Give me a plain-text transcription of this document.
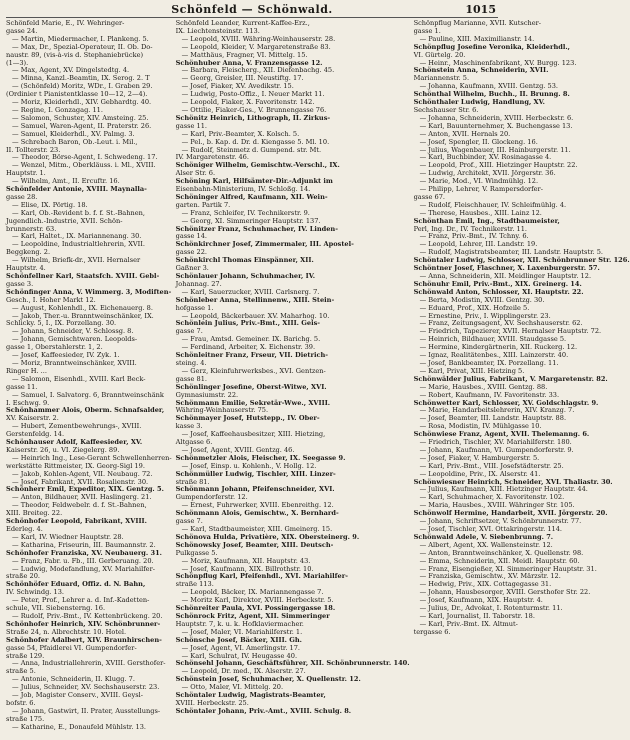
Schönfeld — Schönwald.	1015
Schönfeld Marie, E., IV. Wehringer-
gasse 24.
— Martin, Miedermacher, I. Plankeng. 5.
— Max, Dr., Spezial-Operateur, II. Ob. Do-
naustr. 89, (vis-à-vis d. Stephaniebrücke)
(1—3).
— Max, Agent, XV. Dingelstedtg. 4.
— Minna, Kanzl.-Beamtin, IX. Serog. 2. T
— (Schönfeld) Moritz, WDr., I. Graben 29.
(Ordinier t Pianistentklasse 10—12, 2—4).
— Moriz, Kleiderhdl., XIV. Gebhardtg. 40.
— Regine, I. Gonzagag. 11.
— Salomon, Schuster, XIV. Amsteing. 25.
— Samuel, Waren-Agent, II. Praterstr. 26.
— Samuel, Kleiderhdl., XV. Palmg. 3.
— Schrebach Baron, Ob.-Leut. i. Mil.,
II. Tollterstr. 23.
— Theodor, Börse-Agent, I. Schwedeng. 17.
— Wenzel, Mitm., Oberkläuss. i. Ml., XVIII.
Hauptstr. 1.
— Wilhelm, Amt., II. Ercuftr. 16.
Schönfelder Antonie, XVIII. Maynalla-
gasse 28.
— Elise, IX. Pörtig. 18.
— Karl, Ob.-Revident b. f. f. St.-Bahnen,
Jugendlich.-Industrie, XVII. Schön-
brunnerstr. 63.
— Karl, Haltet., IX. Mariannenang. 30.
— Leopoldine, Industrialtlehrerin, XVII.
Beggkeng. 2.
— Wilhelm, Briefk-dr., XVII. Hernalser
Hauptstr. 4.
Schönfellner Karl, Staatsfch. XVIII. Gebl-
gasse 3.
Schönfinger Anna, V. Wimmerg. 3, Modiften-
Gesch., I. Hoher Markt 12.
— August, Kohlenhdl., IX. Eichenauerg. 8.
— Jakob, Ther.-u. Branntweinschänker, IX.
Schlicky. 5, I., IX. Porzellang. 30.
— Johann, Schneider, V. Schlossg. 8.
— Johann, Gemischtwaren. Leopolds-
gasse 1, Oberstahlerstr. 1, 2.
— Josef, Kaffeesieder, IV. Zyk. 1.
— Moriz, Branntweinschänker, XVIII.
Ringer H. ...
— Salomon, Eisenhdl., XVIII. Karl Beck-
gasse 11.
— Samuel, I. Salvatorg. 6, Branntweinschänk
I. Eschwg. 9.
Schönhammer Alois, Oberm. Schnafsalder,
XV. Kaiserstr. 2.
— Hubert, Zementbewehrungs-, XVIII.
Gerstenfeldg. 14.
Schönhauser Adolf, Kaffeesieder, XV.
Kaiserstr. 26, u. VI. Ziegelerg. 89.
— Heinrich Ing., Lese-Gerant Schwellenherren-
werkstätte Rittmeister, IX. Georg-Sigl 19.
— Jakob, Kohlen-Agent, VII. Neubaug. 72.
— Josef, Fabrikant, XVII. Rosalienstr. 30.
Schönherr Emil, Expeditor, XIX. Gentzg. 5.
— Anton, Bildhauer, XVII. Haslingerg. 21.
— Theodor, Feldwebelr. d. f. St.-Bahnen,
XIII. Breiteg. 22.
Schönhofer Leopold, Fabrikant, XVIII.
Ederleg. 4.
— Karl, IV. Wiedner Hauptstr. 28.
— Katharina, Friseurin, III. Baumannstr. 2.
Schönhofer Franziska, XV. Neubauerg. 31.
— Franz, Fabr. u. Fb., III. Gerberuang. 20.
— Ludwig, Modefandlung, XV. Mariahilfer-
straße 20.
Schönhöfer Eduard, Offiz. d. N. Bahn,
IV. Schwindg. 13.
— Peter, Prof., Lehrer a. d. Inf.-Kadetten-
schule, VII. Siebensterng. 16.
— Rudolf, Priv.-Bmt., IV. Kettenbrückeng. 20.
Schönhofer Heinrich, XIV. Schönbrunner-
Straße 24, n. Albrechtstr. 10. Hotel.
Schönhofer Adalbert, XIV. Braunhirschen-
gasse 54, Pfaidlerei VI. Gumpendorfer-
straße 129.
— Anna, Industriallehrerin, XVIII. Gersthofer-
straße 5.
— Antonie, Schneiderin, II. Klugg. 7.
— Julius, Schneider, XV. Sechshauserstr. 23.
— Job, Magister Conserv., XVIII. Geysl-
bofstr. 6.
— Johann, Gastwirt, II. Prater, Ausstellungs-
straße 175.
— Katharine, E., Donaufeld Mühlstr. 13.
Schönfeld Leander, Kurrent-Kaffee-Erz.,
IX. Liechtensteinstr. 113.
— Leopold, XVIII. Währing-Weinhauserstr. 28.
— Leopold, Kleider, V. Margaretenstraße 83.
— Matthäus, Fragner, VI. Mittelg. 15.
Schönhuber Anna, V. Franzensgasse 12.
— Barbara, Fleischerg., XII. Diefenbachg. 45.
— Georg, Greisler, III. Neustiftg. 17.
— Josef, Fiaker, XV. Avedikstr. 15.
— Ludwig, Posto-Offiz., I. Neuer Markt 11.
— Leopold, Fiaker, X. Favoritenstr. 142.
— Ottilie, Fiaker-Ges., V. Brunnengasse 76.
Schönitz Heinrich, Lithograph, II. Zirkus-
gasse 11.
— Karl, Priv.-Beamter, X. Kolsch. 5.
— Pel., b. Kap. d. Dr. d. Kiengasse 5. Ml. 10.
— Rudolf, Steinmetz d. Gumpend. str. Mt.
IV. Margaretenstr. 46.
Schöniger Wilhelm, Gemischtw.-Verschl., IX.
Alser Str. 6.
Schöning Karl, Hilfsämter-Dir.-Adjunkt im
Eisenbahn-Ministerium, IV. Schloßg. 14.
Schöninger Alfred, Kaufmann, XII. Wein-
garten. Partik 7.
— Franz, Schleifer, IV. Technikerstr. 9.
— Georg, XI. Simmeringer Hauptstr. 137.
Schönitzer Franz, Schuhmacher, IV. Linden-
gasse 14.
Schönkirchner Josef, Zimmermaler, III. Apostel-
gasse 22.
Schönkirchl Thomas Einspänner, XII.
Gaßner 3.
Schönlauer Johann, Schuhmacher, IV.
Johannag. 27.
— Karl, Sauerzucker, XVIII. Carlsnerg. 7.
Schönleber Anna, Stellinnenw., XIII. Stein-
hofgasse 1.
— Leopold, Bäckerbauer. XV. Maharhog. 10.
Schönlein Julius, Priv.-Bmt., XIII. Geis-
gasse 7.
— Frau, Amtsd. Gemeiner. IX. Barichg. 5.
— Ferdinand, Arbeiter, X. Eichenstr. 39.
Schönleitner Franz, Frseur, VII. Dietrich-
steing. 4.
— Gerz, Kleinfuhrwerksbes., XVI. Gentzen-
gasse 81.
Schönlinger Josefine, Oberst-Witwe, XVI.
Gymnasiumstr. 22.
Schönmann Emilie, Sekretär-Wwe., XVIII.
Währing-Weinhauserstr. 75.
Schönmayer Josef, Hutstepp., IV. Ober-
kasse 3.
— Josef, Kaffeehausbesitzer, XIII. Hietzing,
Altgasse 6.
— Josef, Agent, XVIII. Gentzg. 46.
Schönmetzler Alois, Fleischer, IX. Seegasse 9.
— Josef, Einsp. u. Kohlenh., V. Hollg. 12.
Schönmüller Ludwig, Tischler, XIII. Linzer-
straße 81.
Schönmann Johann, Pfeifenschneider, XVI.
Gumpendorferstr. 12.
— Ernest, Fuhrwerker, XVIII. Ebenreithg. 12.
Schönmann Alois, Gemischtw., X. Bernhard-
gasse 7.
— Karl, Stadtbaumeister, XIII. Gmeinerg. 15.
Schönova Hulda, Privatière, XIX. Obersteinerg. 9.
Schönowsky Josef, Beamter, XIII. Deutsch-
Pulkgasse 5.
— Moriz, Kaufmann, XII. Hauptstr. 43.
— Josef, Kaufmann, XIX. Billrothstr. 10.
Schönpflug Karl, Pfeifenhdl., XVI. Mariahilfer-
straße 113.
— Leopold, Bäcker, IX. Mariannengasse 7.
— Moritz Karl, Direktor, XVIII. Herbeckstr. 5.
Schönreiter Paula, XVI. Possingergasse 18.
Schönrock Fritz, Agent, XII. Simmeringer
Hauptstr. 7, k. u. k. Hofklaviermacher.
— Josef, Maler, VI. Mariahilferstr. 1.
Schönsche Josef, Bäcker, XIII. Gh.
— Josef, Agent, VI. Amerlingstr. 17.
— Karl, Schulrat, IV. Heugasse 40.
Schönsehl Johann, Geschäftsführer, XII. Schönbrunnerstr. 140.
— Leopold, Dr. med., IX. Alserstr. 27.
Schönstein Josef, Schuhmacher, X. Quellenstr. 12.
— Otto, Maler, VI. Mittelg. 20.
Schöntaler Ludwig, Magistrats-Beamter,
XVIII. Herbeckstr. 25.
Schöntaler Johann, Priv.-Amt., XVIII. Schulg. 8.
Schönpflug Marianne, XVII. Kutscher-
gasse 1.
— Pauline, XIII. Maximilianstr. 14.
Schönpflug Josefine Veronika, Kleiderhdl.,
VI. Gürtelg. 20.
— Heinr., Maschinenfabrikant, XV. Burgg. 123.
Schönstein Anna, Schneiderin, XVII.
Mariannenstr. 5.
— Johanna, Kaufmann, XVIII. Gentzg. 53.
Schönthal Wilhelm, Buchh., II. Brunng. 8.
Schönthaler Ludwig, Handlung, XV.
Sechshauser Str. 6.
— Johanna, Schneiderin, XVIII. Herbeckstr. 6.
— Karl, Bauunternehmer, X. Buchengasse 13.
— Anton, XVII. Hernals 20.
— Josef, Spengler, II. Glockeng. 16.
— Julius, Wagenbauer, III. Hainburgerstr. 11.
— Karl, Buchbinder, XV. Rosinagasse 4.
— Leopold, Prof., XIII. Hietzinger Hauptstr. 22.
— Ludwig, Architekt, XVII. Jörgerstr. 36.
— Marie, Mod., VI. Windmühlg. 12.
— Philipp, Lehrer, V. Rampersdorfer-
gasse 67.
— Rudolf, Fleischhauer, IV. Schleifmühlg. 4.
— Therese, Hausbes., XIII. Lainz 12.
Schönthan Emil, Ing., Stadtbaumeister,
Perl, Ing. Dr., IV. Technikerstr. 11.
— Franz, Priv.-Bmt., IV. Tchny. 6.
— Leopold, Lehrer, III. Landstr. 19.
— Rudolf, Magistratsbeamter, III. Landstr. Hauptstr. 5.
Schöntaler Ludwig, Schlosser, XII. Schönbrunner Str. 126.
Schöntner Josef, Flaschner, X. Laxenburgerstr. 57.
— Anna, Schneiderin, XII. Meidlinger Hauptstr. 12.
Schönuhr Emil, Priv.-Bmt., XIX. Greinerg. 14.
Schönwald Anton, Schlosser, XI. Hauptstr. 22.
— Berta, Modistin, XVIII. Gentzg. 30.
— Eduard, Prof., XIX. Hofzeile 5.
— Ernestine, Priv., I. Wipplingerstr. 23.
— Franz, Zeitungsagent, XV. Sechshauserstr. 62.
— Friedrich, Tapezierer, XVII. Hernalser Hauptstr. 72.
— Heinrich, Bildhauer, XVIII. Staudgasse 5.
— Hermine, Kindergärtnerin, XII. Ruckerg. 12.
— Ignaz, Realitätenbes., XIII. Lainzerstr. 40.
— Josef, Bankbeamter, IX. Porzellang. 11.
— Karl, Privat, XIII. Hietzing 5.
Schönwälder Julius, Fabrikant, V. Margaretenstr. 82.
— Marie, Hausbes., XVIII. Gentzg. 88.
— Robert, Kaufmann, IV. Favoritenstr. 33.
Schönwetter Karl, Schlosser, XV. Goldschlagstr. 9.
— Marie, Handarbeitslehrerin, XIV. Kranzg. 7.
— Josef, Beamter, III. Landstr. Hauptstr. 88.
— Rosa, Modistin, IV. Mühlgasse 10.
Schönwiese Franz, Agent, XVII. Thelemanng. 6.
— Friedrich, Tischler, XV. Mariahilferstr. 180.
— Johann, Kaufmann, VI. Gumpendorferstr. 9.
— Josef, Fiaker, V. Hamburgerstr. 5.
— Karl, Priv.-Bmt., VIII. Josefstädterstr. 25.
— Leopoldine, Priv., IX. Alserstr. 41.
Schönwiesner Heinrich, Schneider, XVI. Thaliastr. 30.
— Julius, Kaufmann, XIII. Hietzinger Hauptstr. 44.
— Karl, Schuhmacher, X. Favoritenstr. 102.
— Maria, Hausbes., XVIII. Währinger Str. 105.
Schönwolf Hermine, Handarbeit, XVII. Jörgerstr. 20.
— Johann, Schriftsetzer, V. Schönbrunnerstr. 77.
— Josef, Tischler, XVI. Ottakringerstr. 114.
Schönwald Adele, V. Siebenbrunng. 7.
— Albert, Agent, XX. Wallensteinstr. 12.
— Anton, Branntweinschänker, X. Quellenstr. 98.
— Emma, Schneiderin, XII. Meidl. Hauptstr. 60.
— Franz, Eisengießer, XI. Simmeringer Hauptstr. 31.
— Franziska, Gemischtw., XV. Märzstr. 12.
— Hedwig, Priv., XIX. Cottagegasse 31.
— Johann, Hausbesorger, XVIII. Gersthofer Str. 22.
— Josef, Kaufmann, XIX. Hauptstr. 4.
— Julius, Dr., Advokat, I. Rotenturmstr. 11.
— Karl, Journalist, II. Taborstr. 18.
— Karl, Priv.-Bmt. IX. Altmut-
tergasse 6.
